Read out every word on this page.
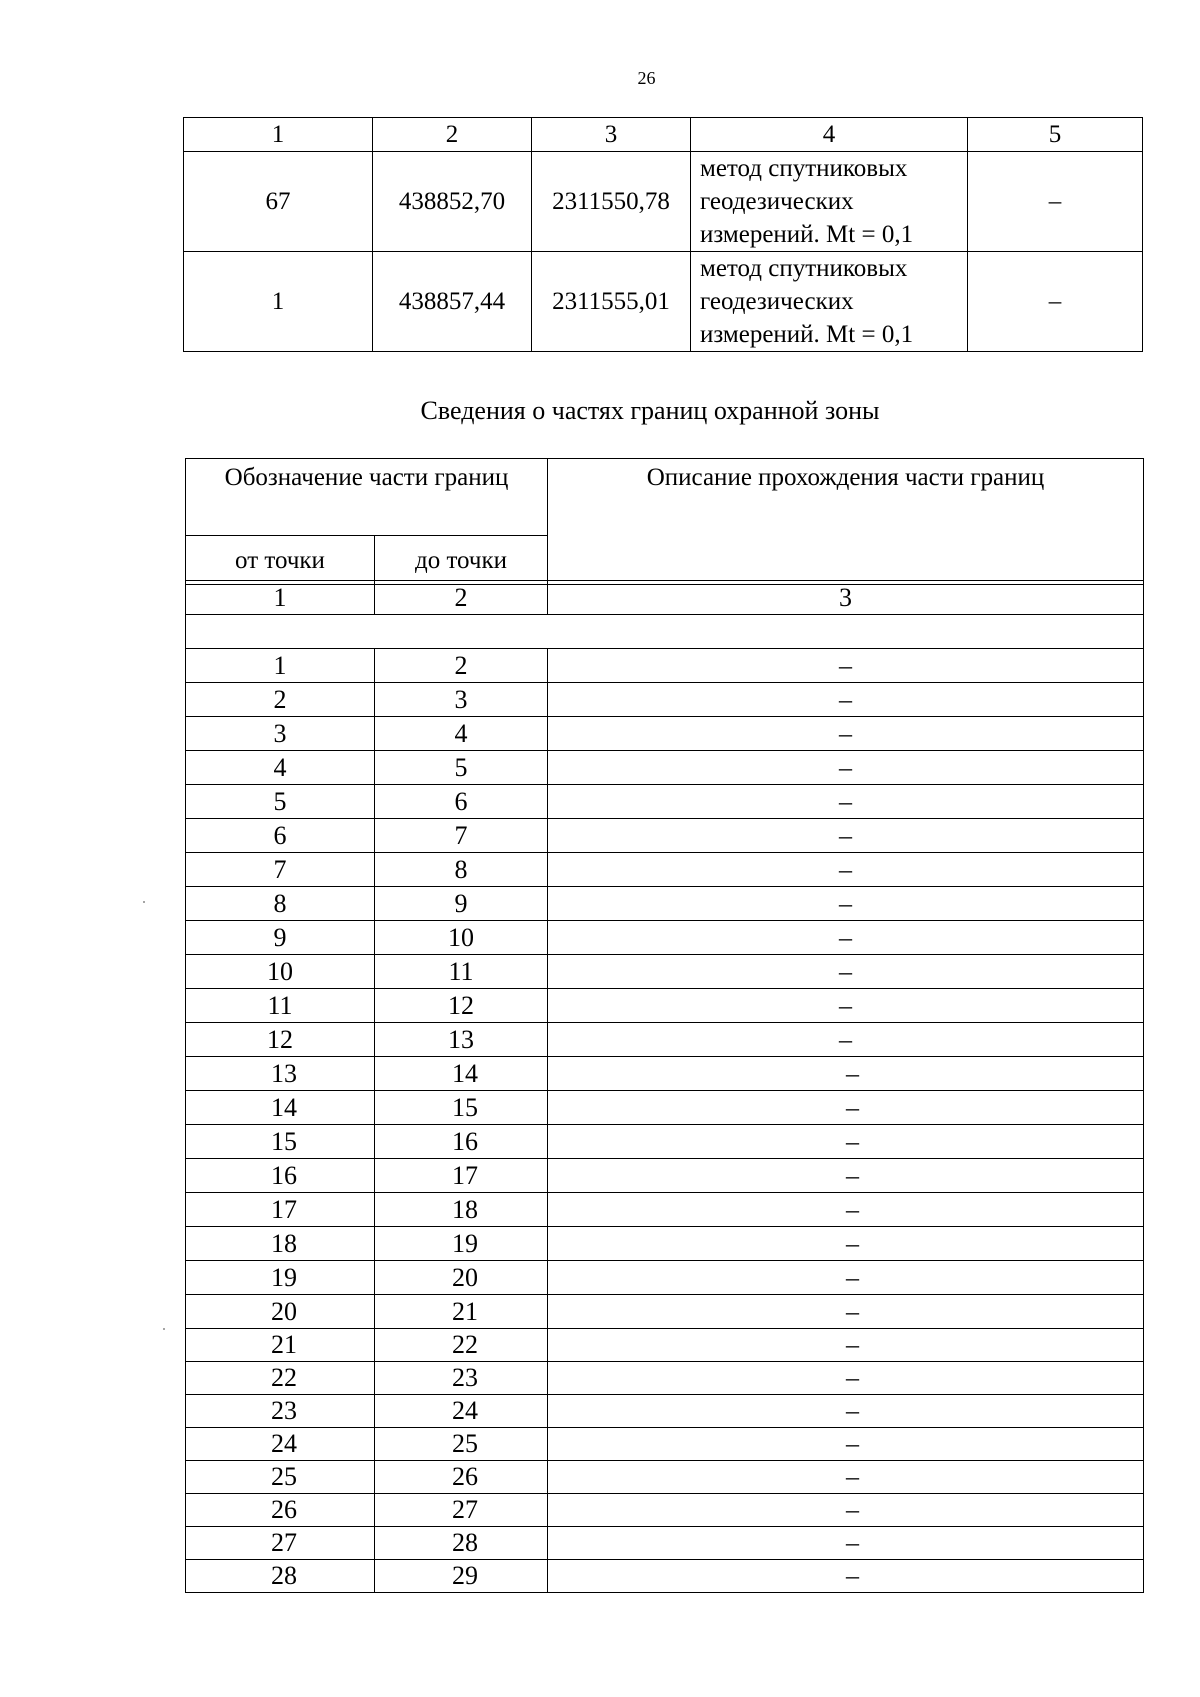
26
1	2	3	4	5
67	438852,70	2311550,78	метод спутниковых
геодезических
измерений. Mt = 0,1	–
1	438857,44	2311555,01	метод спутниковых
геодезических
измерений. Mt = 0,1	–
Сведения о частях границ охранной зоны
Обозначение части границ		Описание прохождения части границ
от точки	до точки	
1	2	3

1	2	–
2	3	–
3	4	–
4	5	–
5	6	–
6	7	–
7	8	–
8	9	–
9	10	–
10	11	–
11	12	–
12	13	–
13	14	–
14	15	–
15	16	–
16	17	–
17	18	–
18	19	–
19	20	–
20	21	–
21	22	–
22	23	–
23	24	–
24	25	–
25	26	–
26	27	–
27	28	–
28	29	–
